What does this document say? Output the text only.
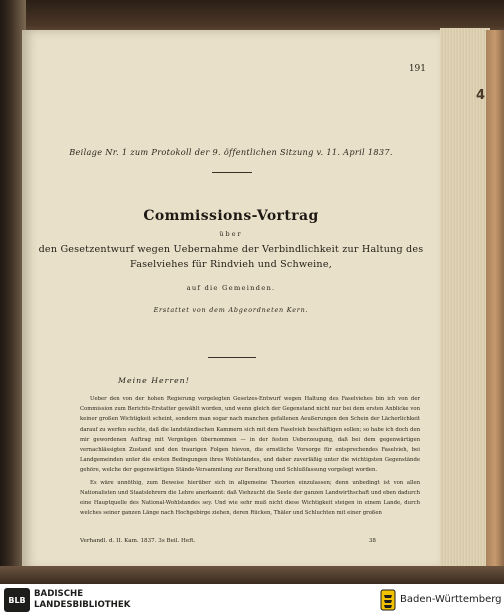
4
191
Beilage Nr. 1 zum Protokoll der 9. öffentlichen Sitzung v. 11. April 1837.
Commissions-Vortrag
über
den Gesetzentwurf wegen Uebernahme der Verbindlichkeit zur Haltung des
Faselviehes für Rindvieh und Schweine,
auf die Gemeinden.
Erstattet von dem Abgeordneten Kern.
Meine Herren!

Ueber den von der hohen Regierung vorgelegten Gesetzes-Entwurf wegen Haltung des Faselviehes bin ich von der Commission zum Berichts-Erstatter gewählt worden, und wenn gleich der Gegenstand nicht nur bei dem ersten Anblicke von keiner großen Wichtigkeit scheint, sondern man sogar nach manchen gefallenen Aeußerungen den Schein der Lächerlichkeit darauf zu werfen suchte, daß die landständischen Kammern sich mit dem Faselvieh beschäftigen sollen; so habe ich doch den mir gewordenen Auftrag mit Vergnügen übernommen — in der festen Ueberzeugung, daß bei dem gegenwärtigen vernachlässigten Zustand und den traurigen Folgen hievon, die ernstliche Vorsorge für entsprechendes Faselvieh, bei Landgemeinden unter die ersten Bedingungen ihres Wohlstandes, und daher zuverläßig unter die wichtigsten Gegenstände gehöre, welche der gegenwärtigen Stände-Versammlung zur Berathung und Schlußfassung vorgelegt worden.

Es wäre unnöthig, zum Beweise hierüber sich in allgemeine Theorien einzulassen; denn unbedingt ist von allen Nationalisten und Staatslehrern die Lehre anerkannt: daß Viehzucht die Seele der ganzen Landwirthschaft und eben dadurch eine Hauptquelle des National-Wohlstandes sey. Und wie sehr muß nicht diese Wichtigkeit steigen in einem Lande, durch welches seiner ganzen Länge nach Hochgebirge ziehen, deren Rücken, Thäler und Schluchten mit einer großen

Verhandl. d. II. Kam. 1837. 3s Beil. Heft.	38
BLB
BADISCHE
LANDESBIBLIOTHEK	Baden-Württemberg
